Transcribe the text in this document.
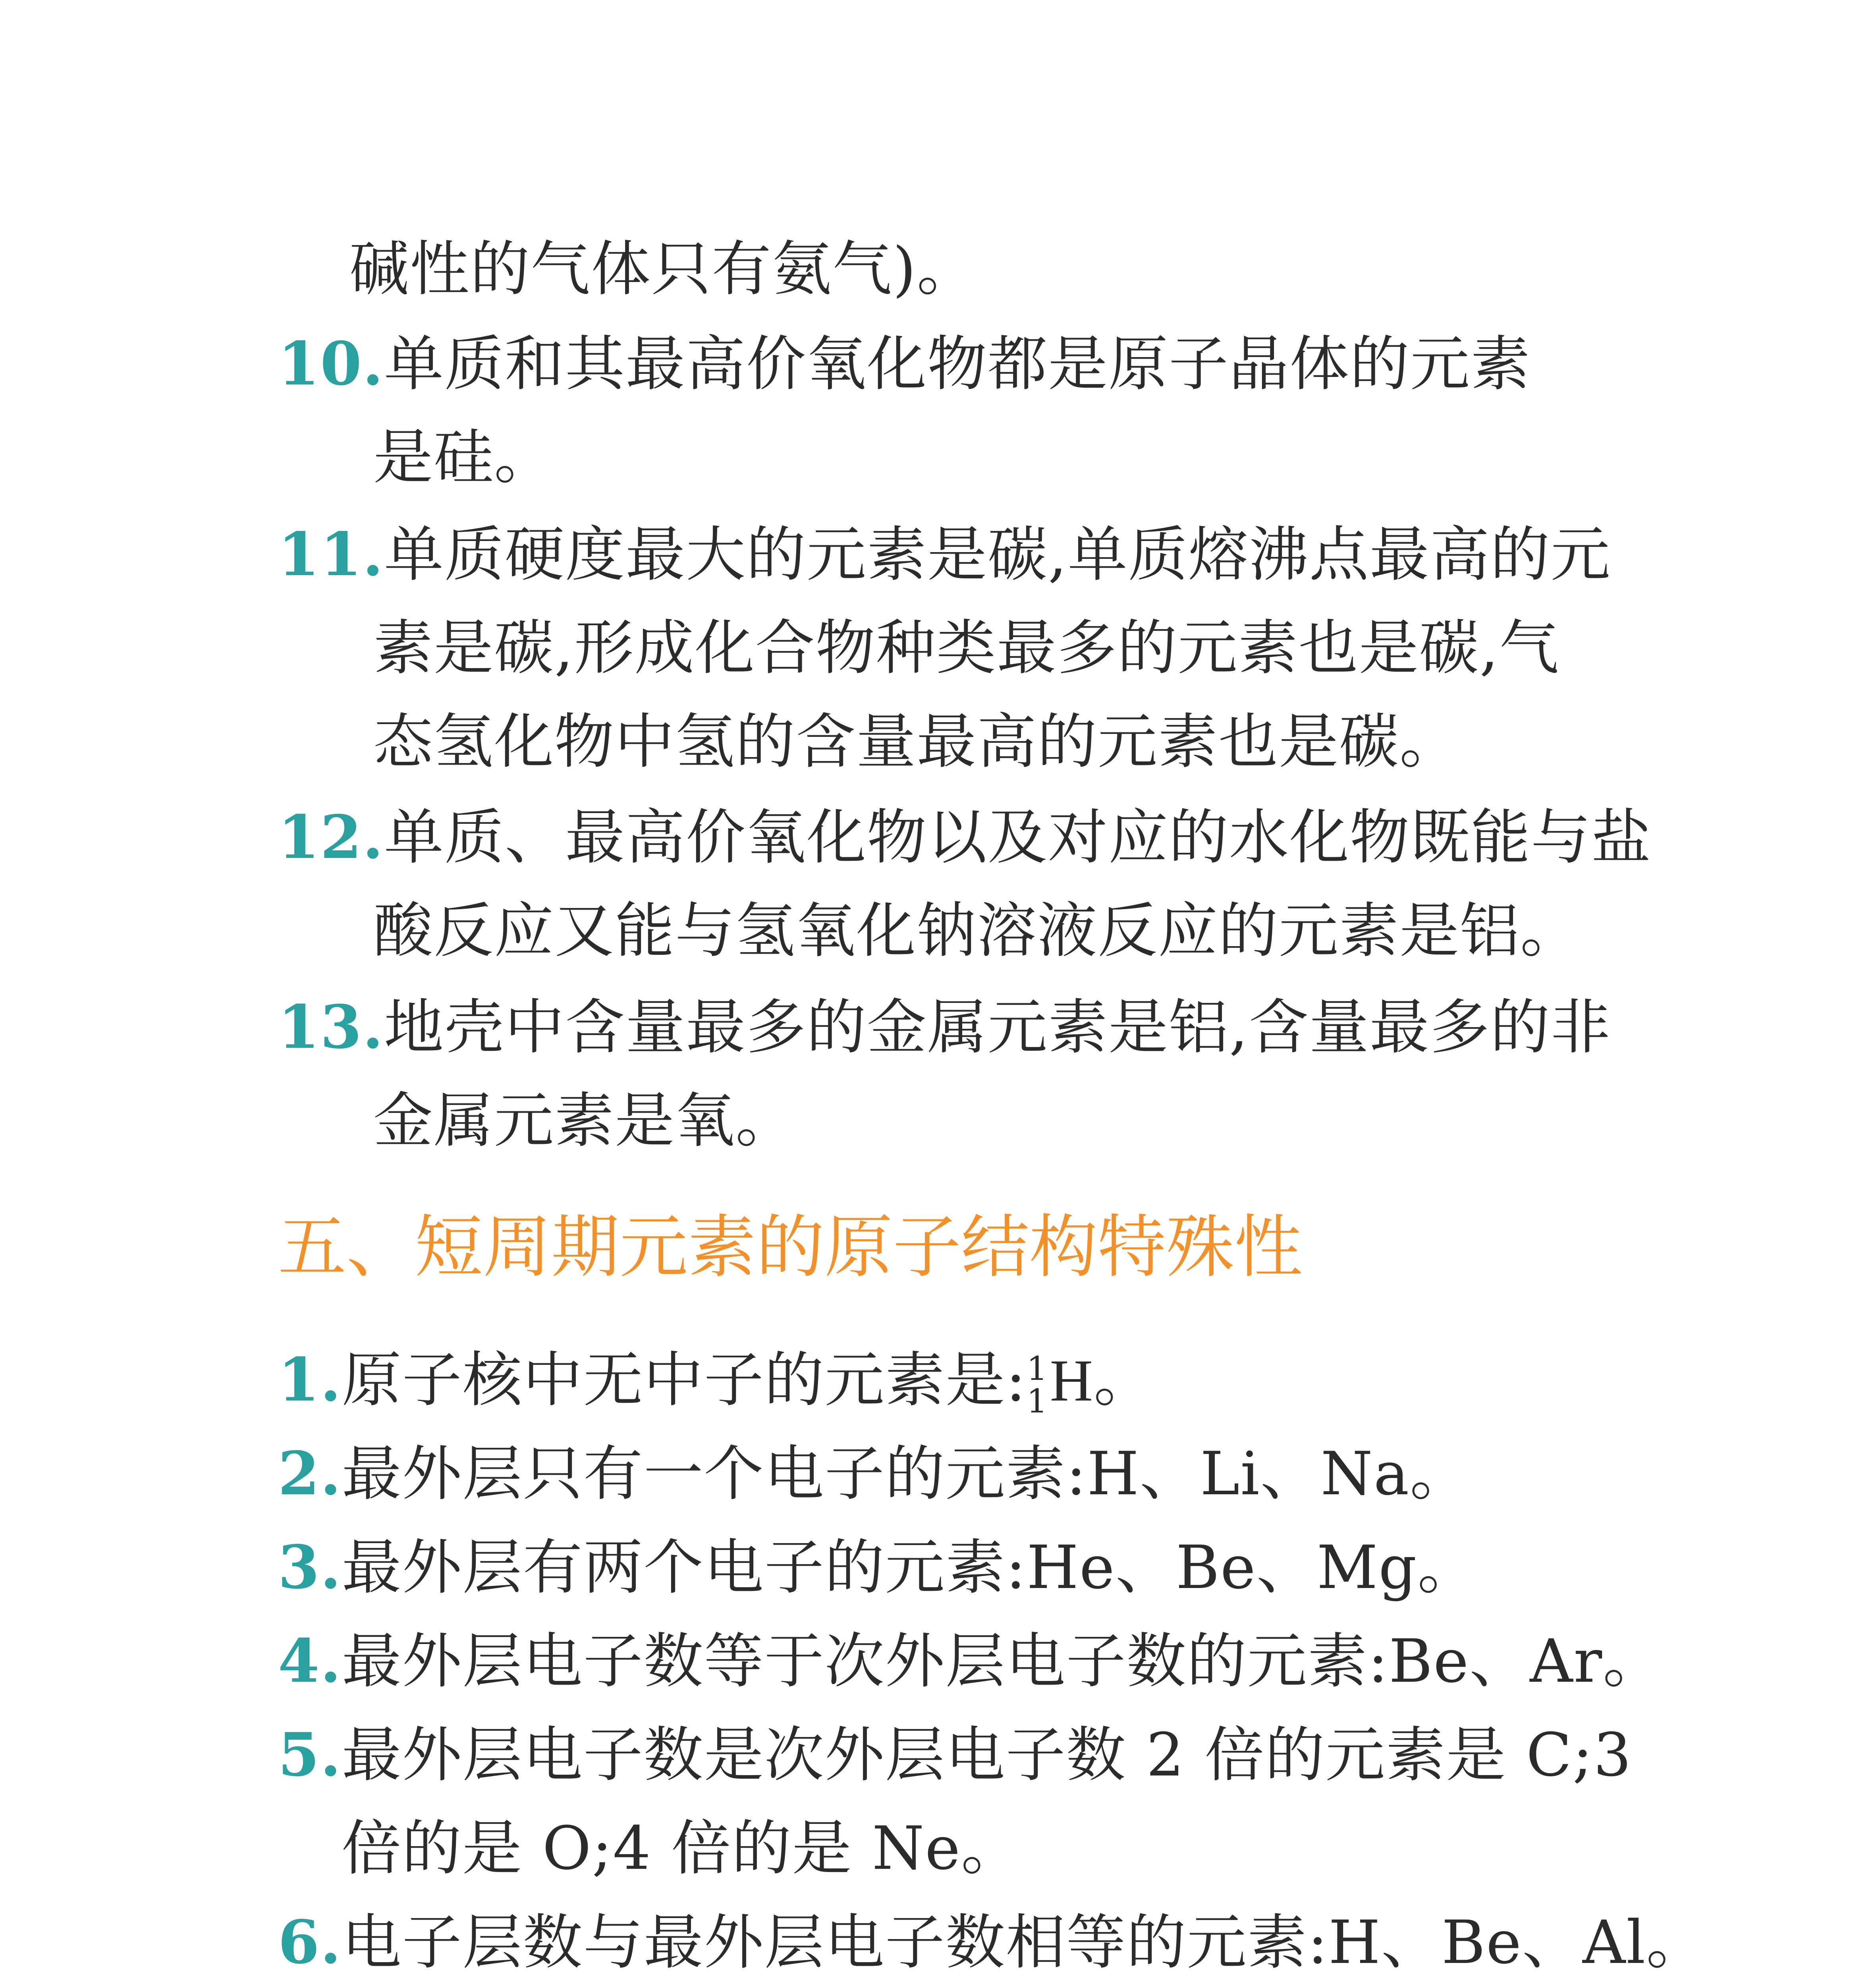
碱性的气体只有氨气)。
10.单质和其最高价氧化物都是原子晶体的元素
是硅。
11.单质硬度最大的元素是碳,单质熔沸点最高的元
素是碳,形成化合物种类最多的元素也是碳,气
态氢化物中氢的含量最高的元素也是碳。
12.单质、最高价氧化物以及对应的水化物既能与盐
酸反应又能与氢氧化钠溶液反应的元素是铝。
13.地壳中含量最多的金属元素是铝,含量最多的非
金属元素是氧。
五、短周期元素的原子结构特殊性
1.原子核中无中子的元素是: 1
1 H。
2.最外层只有一个电子的元素:H、Li、Na。
3.最外层有两个电子的元素:He、Be、Mg。
4.最外层电子数等于次外层电子数的元素:Be、Ar。
5.最外层电子数是次外层电子数 2 倍的元素是 C;3
倍的是 O;4 倍的是 Ne。
6.电子层数与最外层电子数相等的元素:H、Be、Al。
